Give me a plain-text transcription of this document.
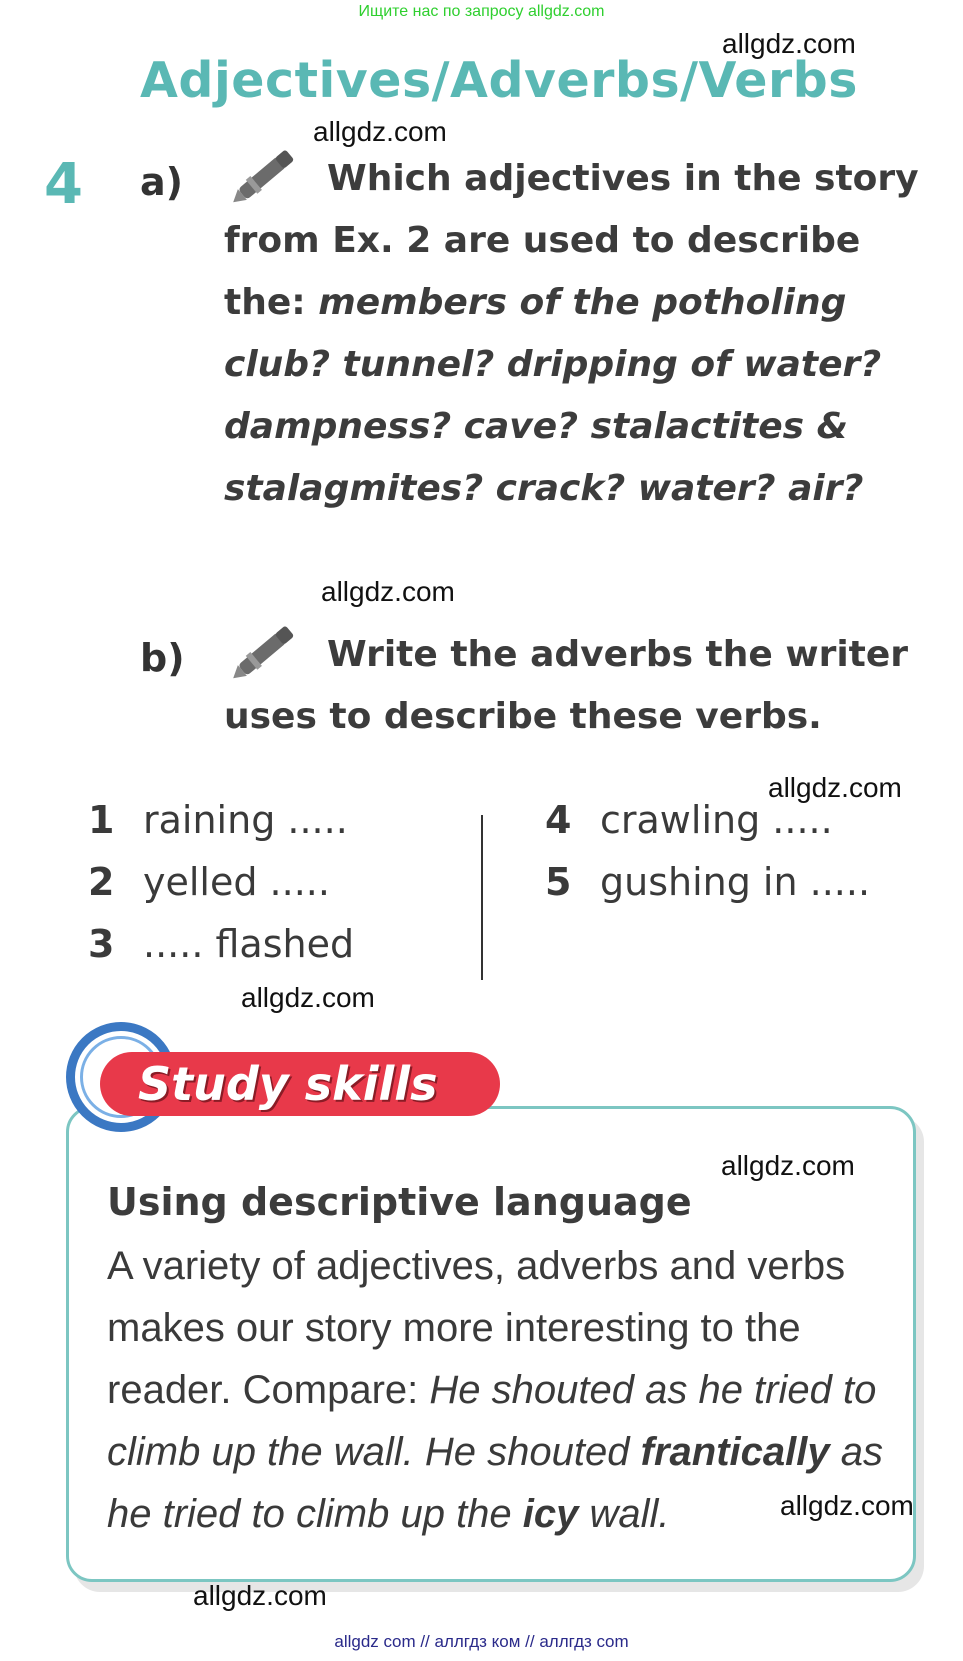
Ищите нас по запросу allgdz.com
allgdz.com
Adjectives/Adverbs/Verbs
allgdz.com
4 a)	Which adjectives in the story
from Ex. 2 are used to describe
the: members of the potholing
club? tunnel? dripping of water?
dampness? cave? stalactites &
stalagmites? crack? water? air?
allgdz.com
b)	Write the adverbs the writer
uses to describe these verbs.
allgdz.com
1 raining .....
2 yelled .....
3 ..... flashed
4 crawling .....
5 gushing in .....
allgdz.com
Study skills
allgdz.com
Using descriptive language
A variety of adjectives, adverbs and verbs
makes our story more interesting to the
reader. Compare: He shouted as he tried to
climb up the wall. He shouted frantically as
he tried to climb up the icy wall.	allgdz.com
allgdz.com
allgdz com // аллгдз ком // аллгдз com
